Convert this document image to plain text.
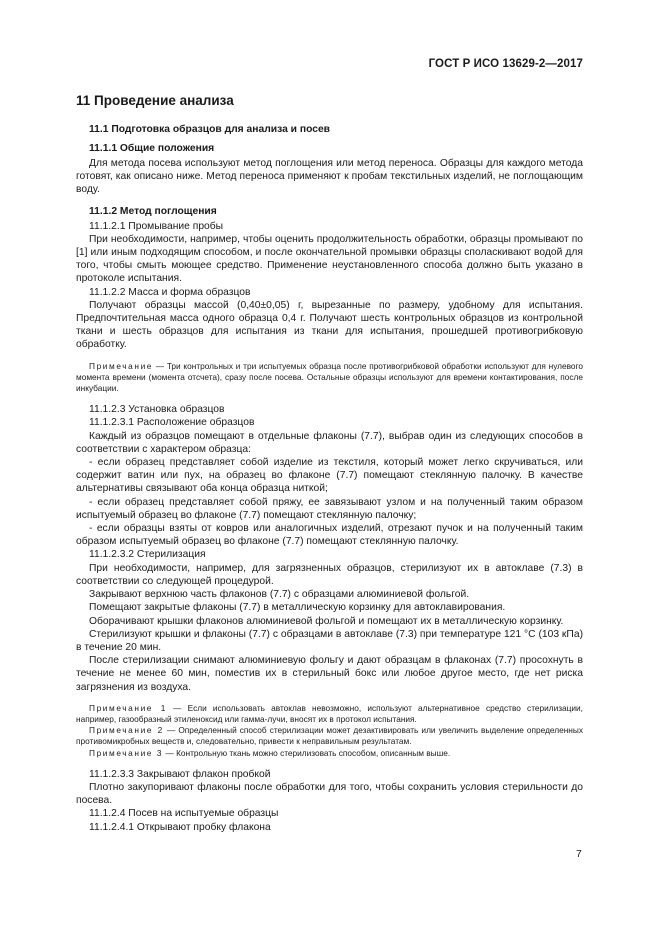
ГОСТ Р ИСО 13629-2—2017
11 Проведение анализа
11.1 Подготовка образцов для анализа и посев
11.1.1 Общие положения

Для метода посева используют метод поглощения или метод переноса. Образцы для каждого метода готовят, как описано ниже. Метод переноса применяют к пробам текстильных изделий, не поглощающим воду.

11.1.2 Метод поглощения

11.1.2.1 Промывание пробы

При необходимости, например, чтобы оценить продолжительность обработки, образцы промывают по [1] или иным подходящим способом, и после окончательной промывки образцы споласкивают водой для того, чтобы смыть моющее средство. Применение неустановленного способа должно быть указано в протоколе испытания.

11.1.2.2 Масса и форма образцов

Получают образцы массой (0,40±0,05) г, вырезанные по размеру, удобному для испытания. Предпочтительная масса одного образца 0,4 г. Получают шесть контрольных образцов из контрольной ткани и шесть образцов для испытания из ткани для испытания, прошедшей противогрибковую обработку.

Примечание — Три контрольных и три испытуемых образца после противогрибковой обработки используют для нулевого момента времени (момента отсчета), сразу после посева. Остальные образцы используют для времени контактирования, после инкубации.

11.1.2.3 Установка образцов

11.1.2.3.1 Расположение образцов

Каждый из образцов помещают в отдельные флаконы (7.7), выбрав один из следующих способов в соответствии с характером образца:

- если образец представляет собой изделие из текстиля, который может легко скручиваться, или содержит ватин или пух, на образец во флаконе (7.7) помещают стеклянную палочку. В качестве альтернативы связывают оба конца образца ниткой;

- если образец представляет собой пряжу, ее завязывают узлом и на полученный таким образом испытуемый образец во флаконе (7.7) помещают стеклянную палочку;

- если образцы взяты от ковров или аналогичных изделий, отрезают пучок и на полученный таким образом испытуемый образец во флаконе (7.7) помещают стеклянную палочку.

11.1.2.3.2 Стерилизация

При необходимости, например, для загрязненных образцов, стерилизуют их в автоклаве (7.3) в соответствии со следующей процедурой.

Закрывают верхнюю часть флаконов (7.7) с образцами алюминиевой фольгой.

Помещают закрытые флаконы (7.7) в металлическую корзинку для автоклавирования.

Оборачивают крышки флаконов алюминиевой фольгой и помещают их в металлическую корзинку.

Стерилизуют крышки и флаконы (7.7) с образцами в автоклаве (7.3) при температуре 121 °С (103 кПа) в течение 20 мин.

После стерилизации снимают алюминиевую фольгу и дают образцам в флаконах (7.7) просохнуть в течение не менее 60 мин, поместив их в стерильный бокс или любое другое место, где нет риска загрязнения из воздуха.

Примечание 1 — Если использовать автоклав невозможно, используют альтернативное средство стерилизации, например, газообразный этиленоксид или гамма-лучи, вносят их в протокол испытания.

Примечание 2 — Определенный способ стерилизации может дезактивировать или увеличить выделение определенных противомикробных веществ и, следовательно, привести к неправильным результатам.

Примечание 3 — Контрольную ткань можно стерилизовать способом, описанным выше.

11.1.2.3.3 Закрывают флакон пробкой

Плотно закупоривают флаконы после обработки для того, чтобы сохранить условия стерильности до посева.

11.1.2.4 Посев на испытуемые образцы

11.1.2.4.1 Открывают пробку флакона

7
